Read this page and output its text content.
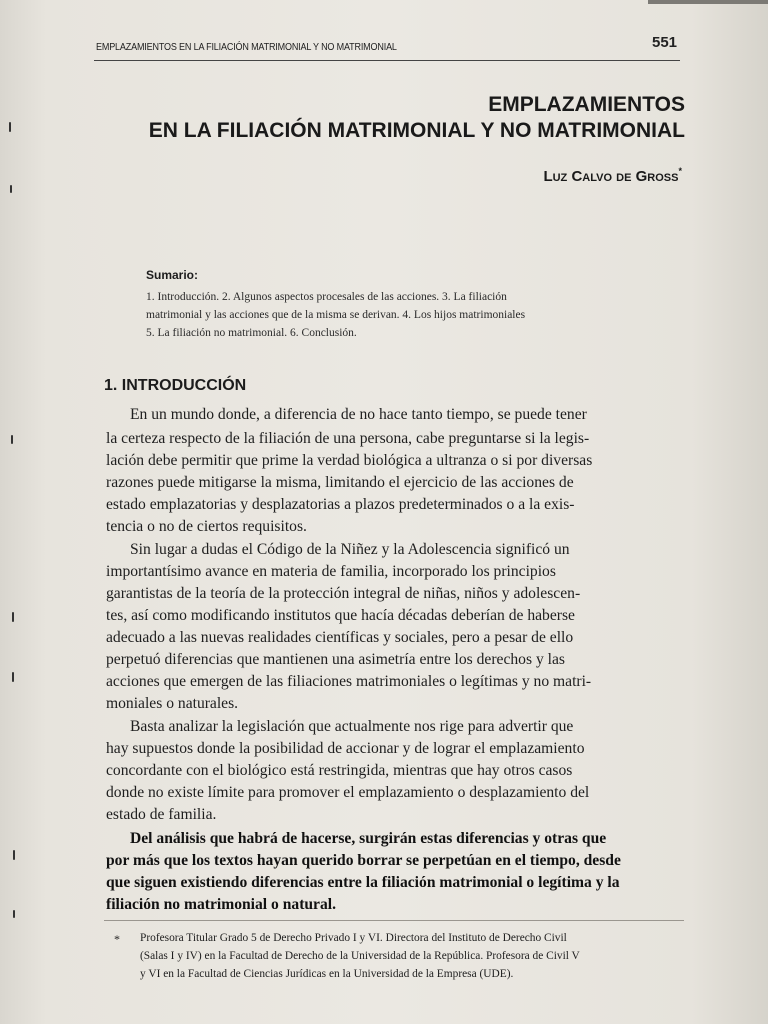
EMPLAZAMIENTOS EN LA FILIACIÓN MATRIMONIAL Y NO MATRIMONIAL	551
EMPLAZAMIENTOS
EN LA FILIACIÓN MATRIMONIAL Y NO MATRIMONIAL
Luz Calvo de Gross*
Sumario:
1. Introducción. 2. Algunos aspectos procesales de las acciones. 3. La filiación
matrimonial y las acciones que de la misma se derivan. 4. Los hijos matrimoniales
5. La filiación no matrimonial. 6. Conclusión.
1. INTRODUCCIÓN
En un mundo donde, a diferencia de no hace tanto tiempo, se puede tener
la certeza respecto de la filiación de una persona, cabe preguntarse si la legis-
lación debe permitir que prime la verdad biológica a ultranza o si por diversas
razones puede mitigarse la misma, limitando el ejercicio de las acciones de
estado emplazatorias y desplazatorias a plazos predeterminados o a la exis-
tencia o no de ciertos requisitos.
Sin lugar a dudas el Código de la Niñez y la Adolescencia significó un
importantísimo avance en materia de familia, incorporado los principios
garantistas de la teoría de la protección integral de niñas, niños y adolescen-
tes, así como modificando institutos que hacía décadas deberían de haberse
adecuado a las nuevas realidades científicas y sociales, pero a pesar de ello
perpetuó diferencias que mantienen una asimetría entre los derechos y las
acciones que emergen de las filiaciones matrimoniales o legítimas y no matri-
moniales o naturales.
Basta analizar la legislación que actualmente nos rige para advertir que
hay supuestos donde la posibilidad de accionar y de lograr el emplazamiento
concordante con el biológico está restringida, mientras que hay otros casos
donde no existe límite para promover el emplazamiento o desplazamiento del
estado de familia.
Del análisis que habrá de hacerse, surgirán estas diferencias y otras que
por más que los textos hayan querido borrar se perpetúan en el tiempo, desde
que siguen existiendo diferencias entre la filiación matrimonial o legítima y la
filiación no matrimonial o natural.
* Profesora Titular Grado 5 de Derecho Privado I y VI. Directora del Instituto de Derecho Civil
(Salas I y IV) en la Facultad de Derecho de la Universidad de la República. Profesora de Civil V
y VI en la Facultad de Ciencias Jurídicas en la Universidad de la Empresa (UDE).
